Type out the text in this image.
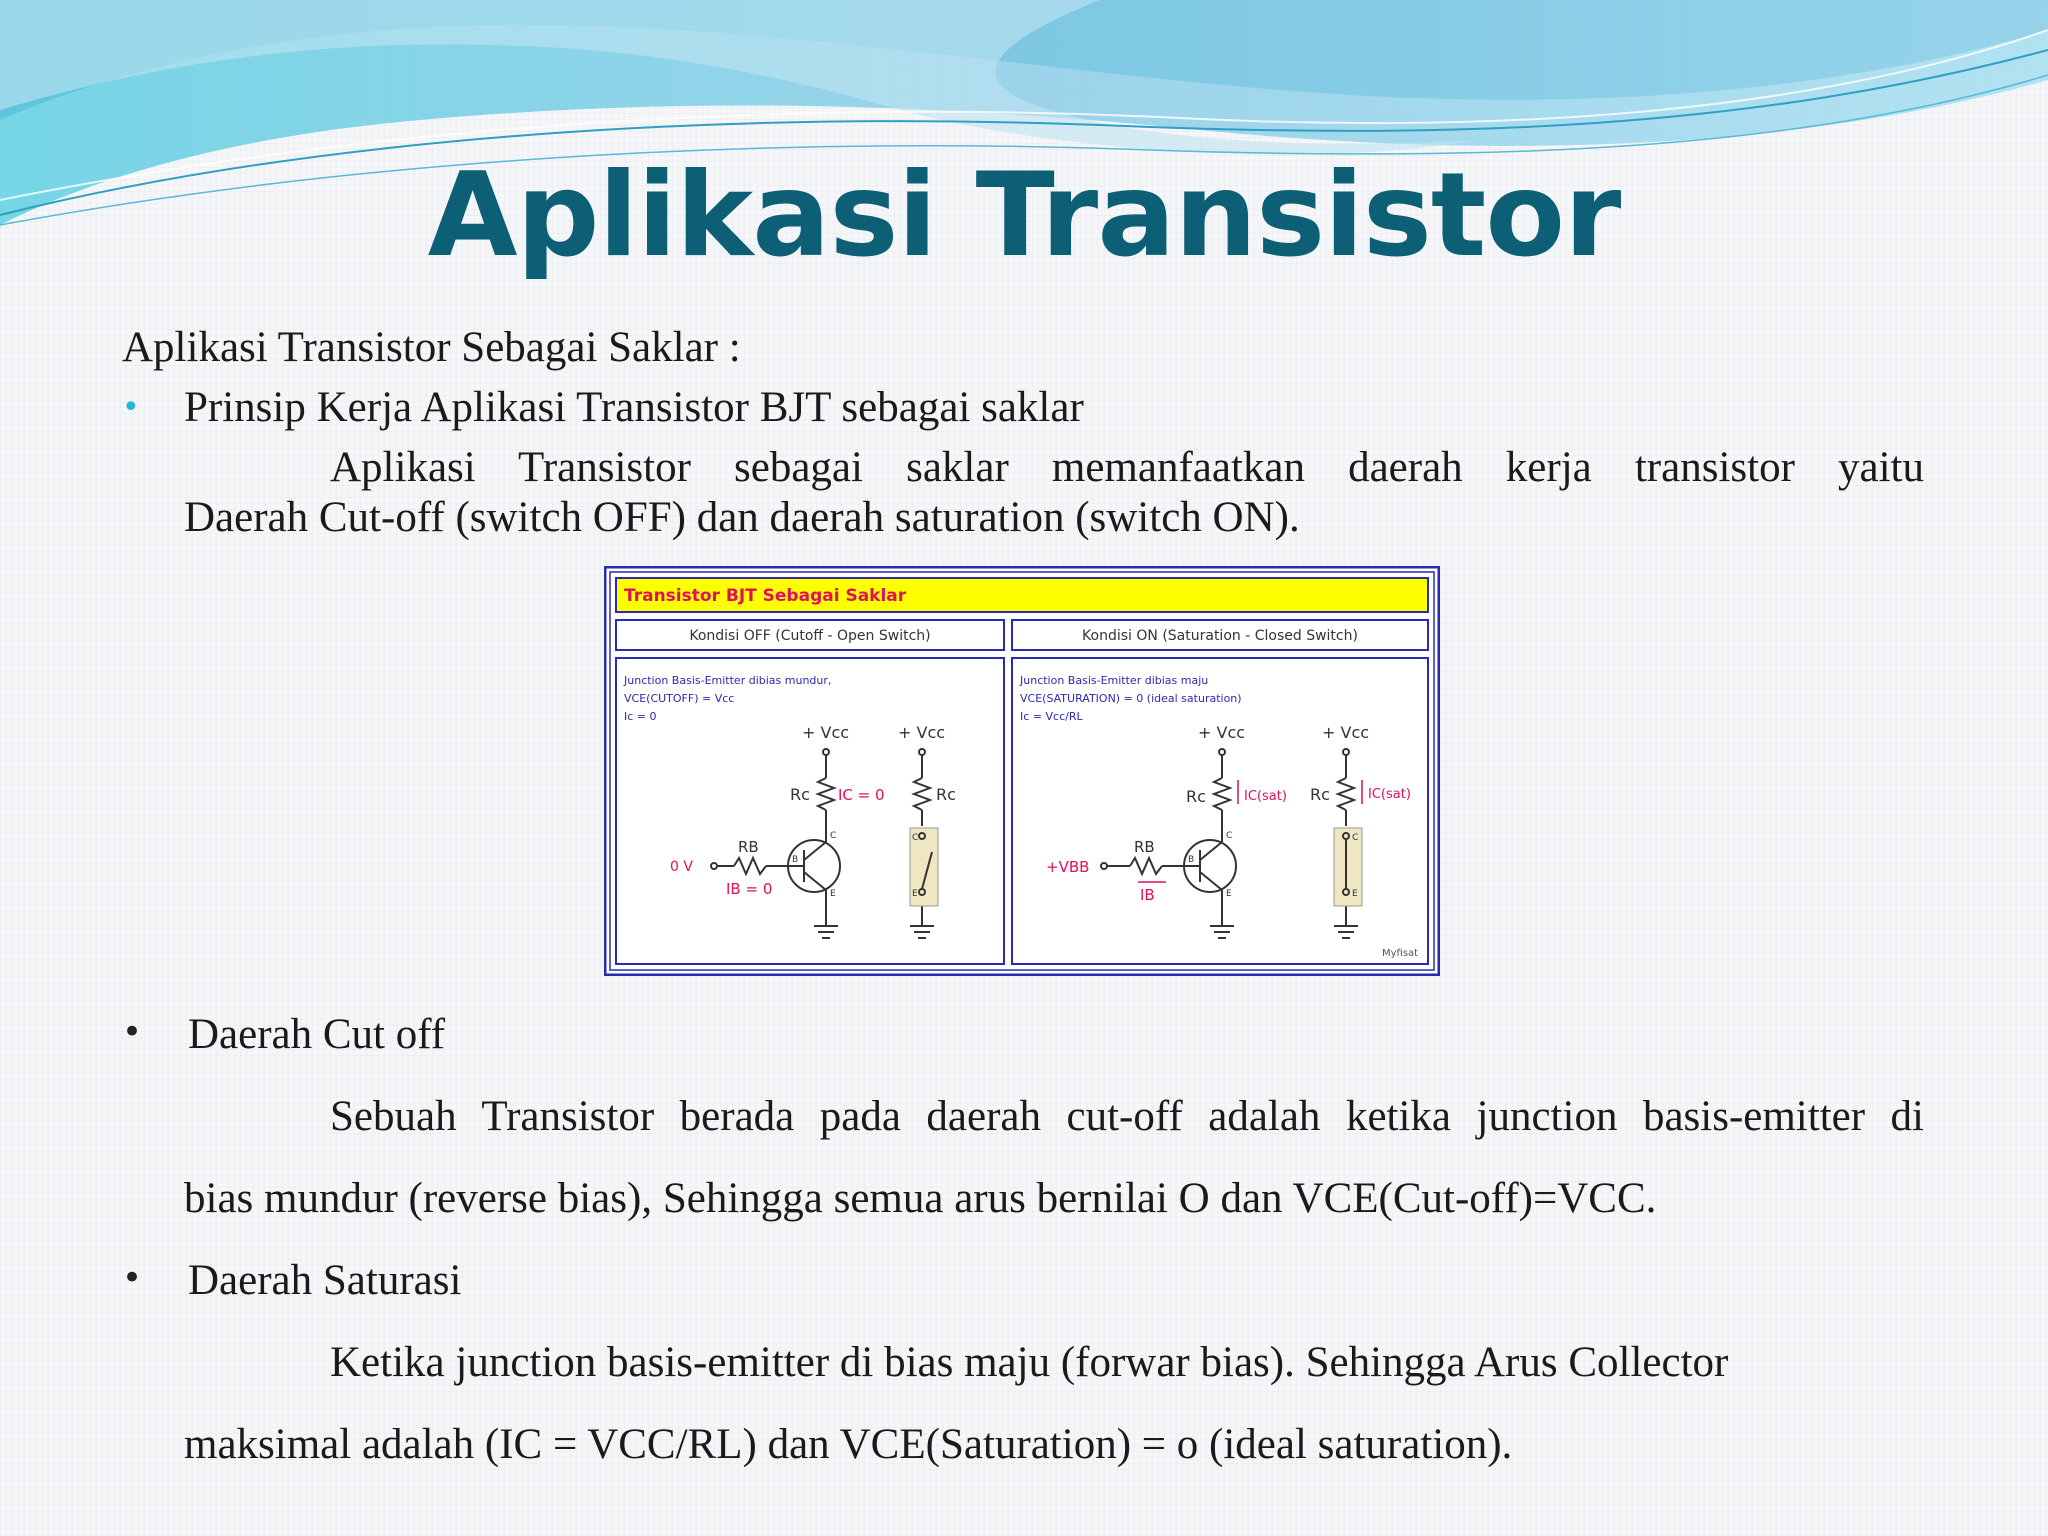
Aplikasi Transistor
Aplikasi Transistor Sebagai Saklar :
• Prinsip Kerja Aplikasi Transistor BJT sebagai saklar
Aplikasi Transistor sebagai saklar memanfaatkan daerah kerja transistor yaitu
Daerah Cut-off (switch OFF) dan daerah saturation (switch ON).
Transistor BJT Sebagai Saklar
Kondisi OFF (Cutoff - Open Switch)	Kondisi ON (Saturation - Closed Switch)
Junction Basis-Emitter dibias mundur,
VCE(CUTOFF) = Vcc
Ic = 0
+ Vcc	+ Vcc
Rc	Rc
IC = 0
RB
0 V
IB = 0
B
C
E
C
E
Junction Basis-Emitter dibias maju
VCE(SATURATION) = 0 (ideal saturation)
Ic = Vcc/RL
+ Vcc	+ Vcc
Rc	Rc
IC(sat)	IC(sat)
RB
+VBB
IB
B
C
E
C
E
Myfisat
• Daerah Cut off
Sebuah Transistor berada pada daerah cut-off adalah ketika junction basis-emitter di
bias mundur (reverse bias), Sehingga semua arus bernilai O dan VCE(Cut-off)=VCC.
• Daerah Saturasi
Ketika junction basis-emitter di bias maju (forwar bias). Sehingga Arus Collector
maksimal adalah (IC = VCC/RL) dan VCE(Saturation) = o (ideal saturation).
